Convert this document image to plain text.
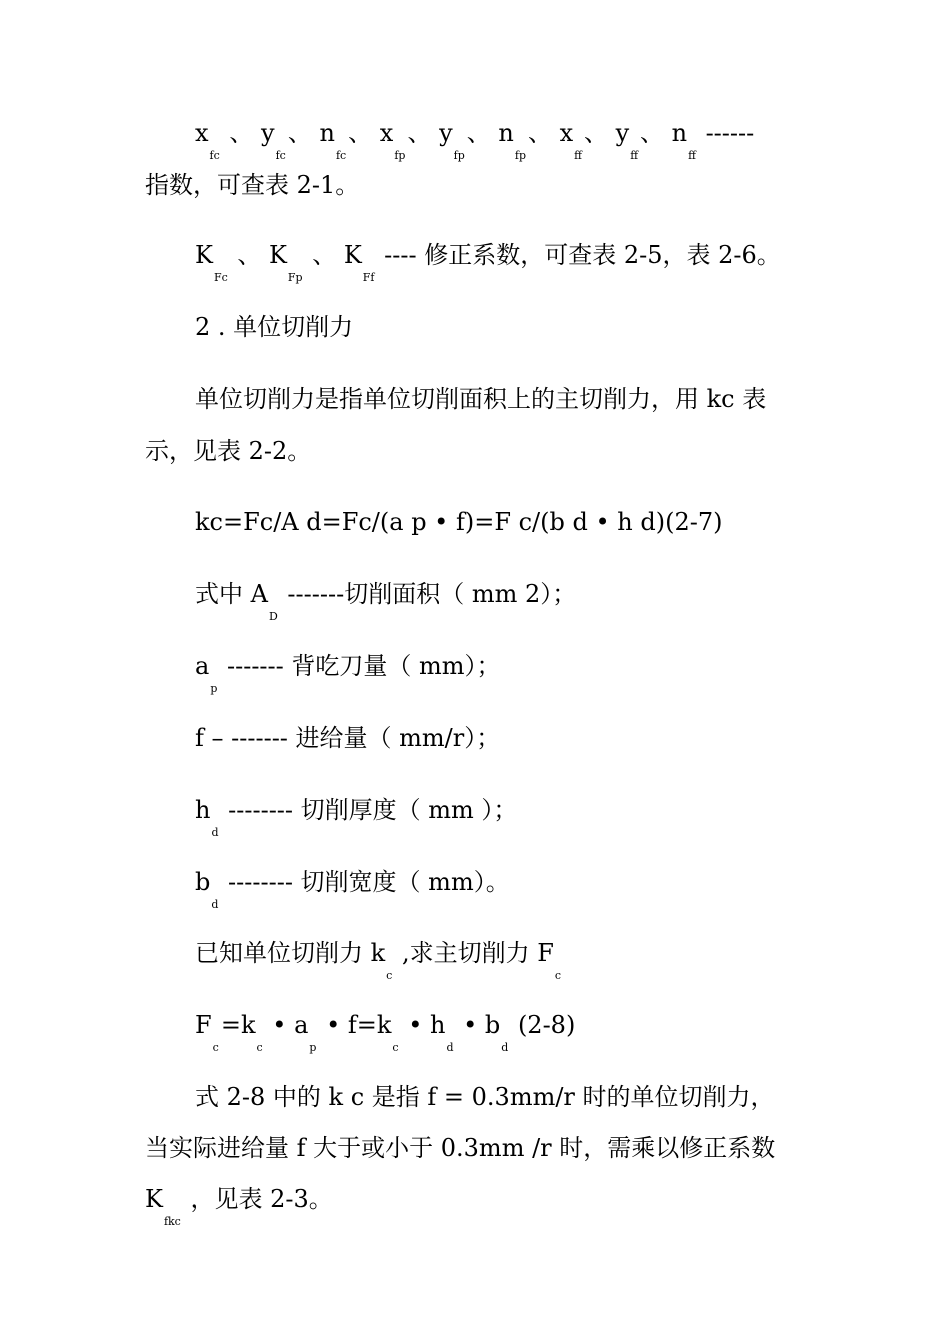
$x_{fc}$ 、 $y_{fc}$、 $n_{fc}$、 $x_{fp}$、 $y_{fp}$、 $n_{fp}$、 $x_{ff}$、 $y_{ff}$、 $n_{ff}$ ------
指数，可查表 2-1。
$K_{Fc}$ 、 $K_{Fp}$ 、 $K_{Ff}$ ---- 修正系数，可查表 2-5，表 2-6。
2 . 单位切削力
单位切削力是指单位切削面积上的主切削力，用 kc 表
示，见表 2-2。
kc=Fc/A d=Fc/(a p • f)=F c/(b d • h d)(2-7)
式中 $A_D$ -------切削面积（ mm 2）；
$a_p$ ------- 背吃刀量（ mm）；
f – ------- 进给量（ mm/r）；
$h_d$ -------- 切削厚度（ mm ）；
$b_d$ -------- 切削宽度（ mm）。
已知单位切削力 $k_c$ ,求主切削力 $F_c$
$F_c=k_c$ • $a_p$ • $f=k_c$ • $h_d$ • $b_d$ (2-8)
式 2-8 中的 k c 是指 f = 0.3mm/r 时的单位切削力，
当实际进给量 f 大于或小于 0.3mm /r 时，需乘以修正系数
$K_{fkc}$ ，见表 2-3。
